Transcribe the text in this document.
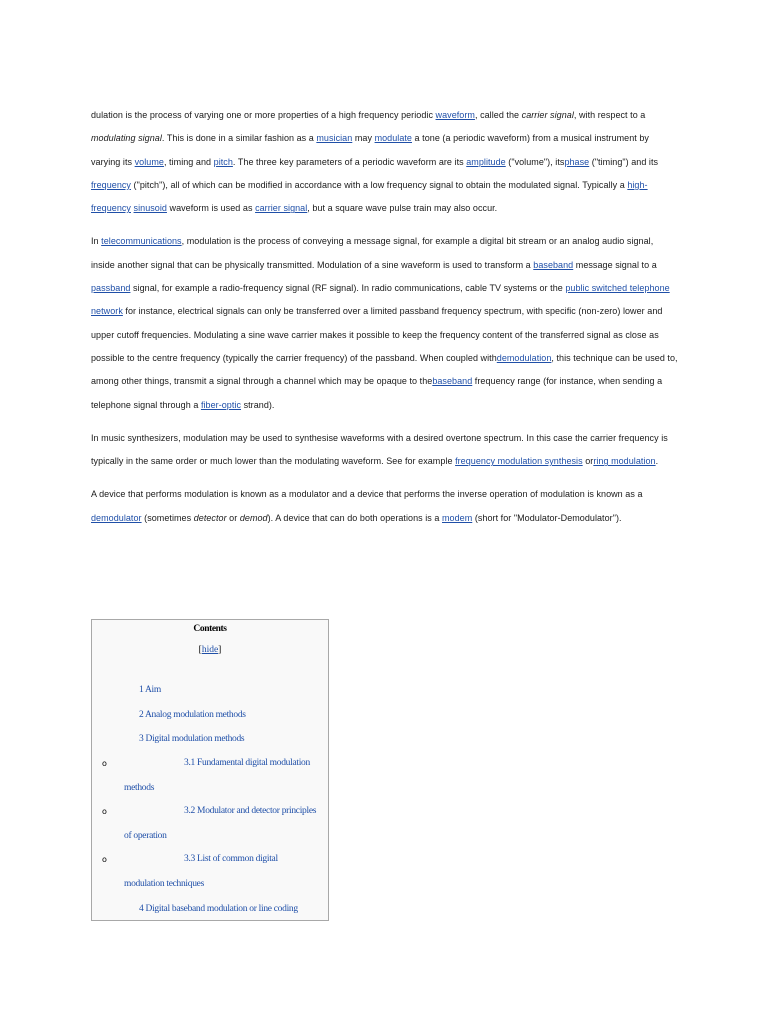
dulation is the process of varying one or more properties of a high frequency periodic waveform, called the carrier signal, with respect to a modulating signal. This is done in a similar fashion as a musician may modulate a tone (a periodic waveform) from a musical instrument by varying its volume, timing and pitch. The three key parameters of a periodic waveform are its amplitude ("volume"), itsphase ("timing") and its frequency ("pitch"), all of which can be modified in accordance with a low frequency signal to obtain the modulated signal. Typically a high-frequency sinusoid waveform is used as carrier signal, but a square wave pulse train may also occur.

In telecommunications, modulation is the process of conveying a message signal, for example a digital bit stream or an analog audio signal, inside another signal that can be physically transmitted. Modulation of a sine waveform is used to transform a baseband message signal to a passband signal, for example a radio-frequency signal (RF signal). In radio communications, cable TV systems or the public switched telephone network for instance, electrical signals can only be transferred over a limited passband frequency spectrum, with specific (non-zero) lower and upper cutoff frequencies. Modulating a sine wave carrier makes it possible to keep the frequency content of the transferred signal as close as possible to the centre frequency (typically the carrier frequency) of the passband. When coupled withdemodulation, this technique can be used to, among other things, transmit a signal through a channel which may be opaque to thebaseband frequency range (for instance, when sending a telephone signal through a fiber-optic strand).

In music synthesizers, modulation may be used to synthesise waveforms with a desired overtone spectrum. In this case the carrier frequency is typically in the same order or much lower than the modulating waveform. See for example frequency modulation synthesis orring modulation.

A device that performs modulation is known as a modulator and a device that performs the inverse operation of modulation is known as a demodulator (sometimes detector or demod). A device that can do both operations is a modem (short for "Modulator-Demodulator").

Contents
[hide]
1 Aim
2 Analog modulation methods
3 Digital modulation methods
o	3.1 Fundamental digital modulation
methods
o	3.2 Modulator and detector principles
of operation
o	3.3 List of common digital
modulation techniques
4 Digital baseband modulation or line coding
